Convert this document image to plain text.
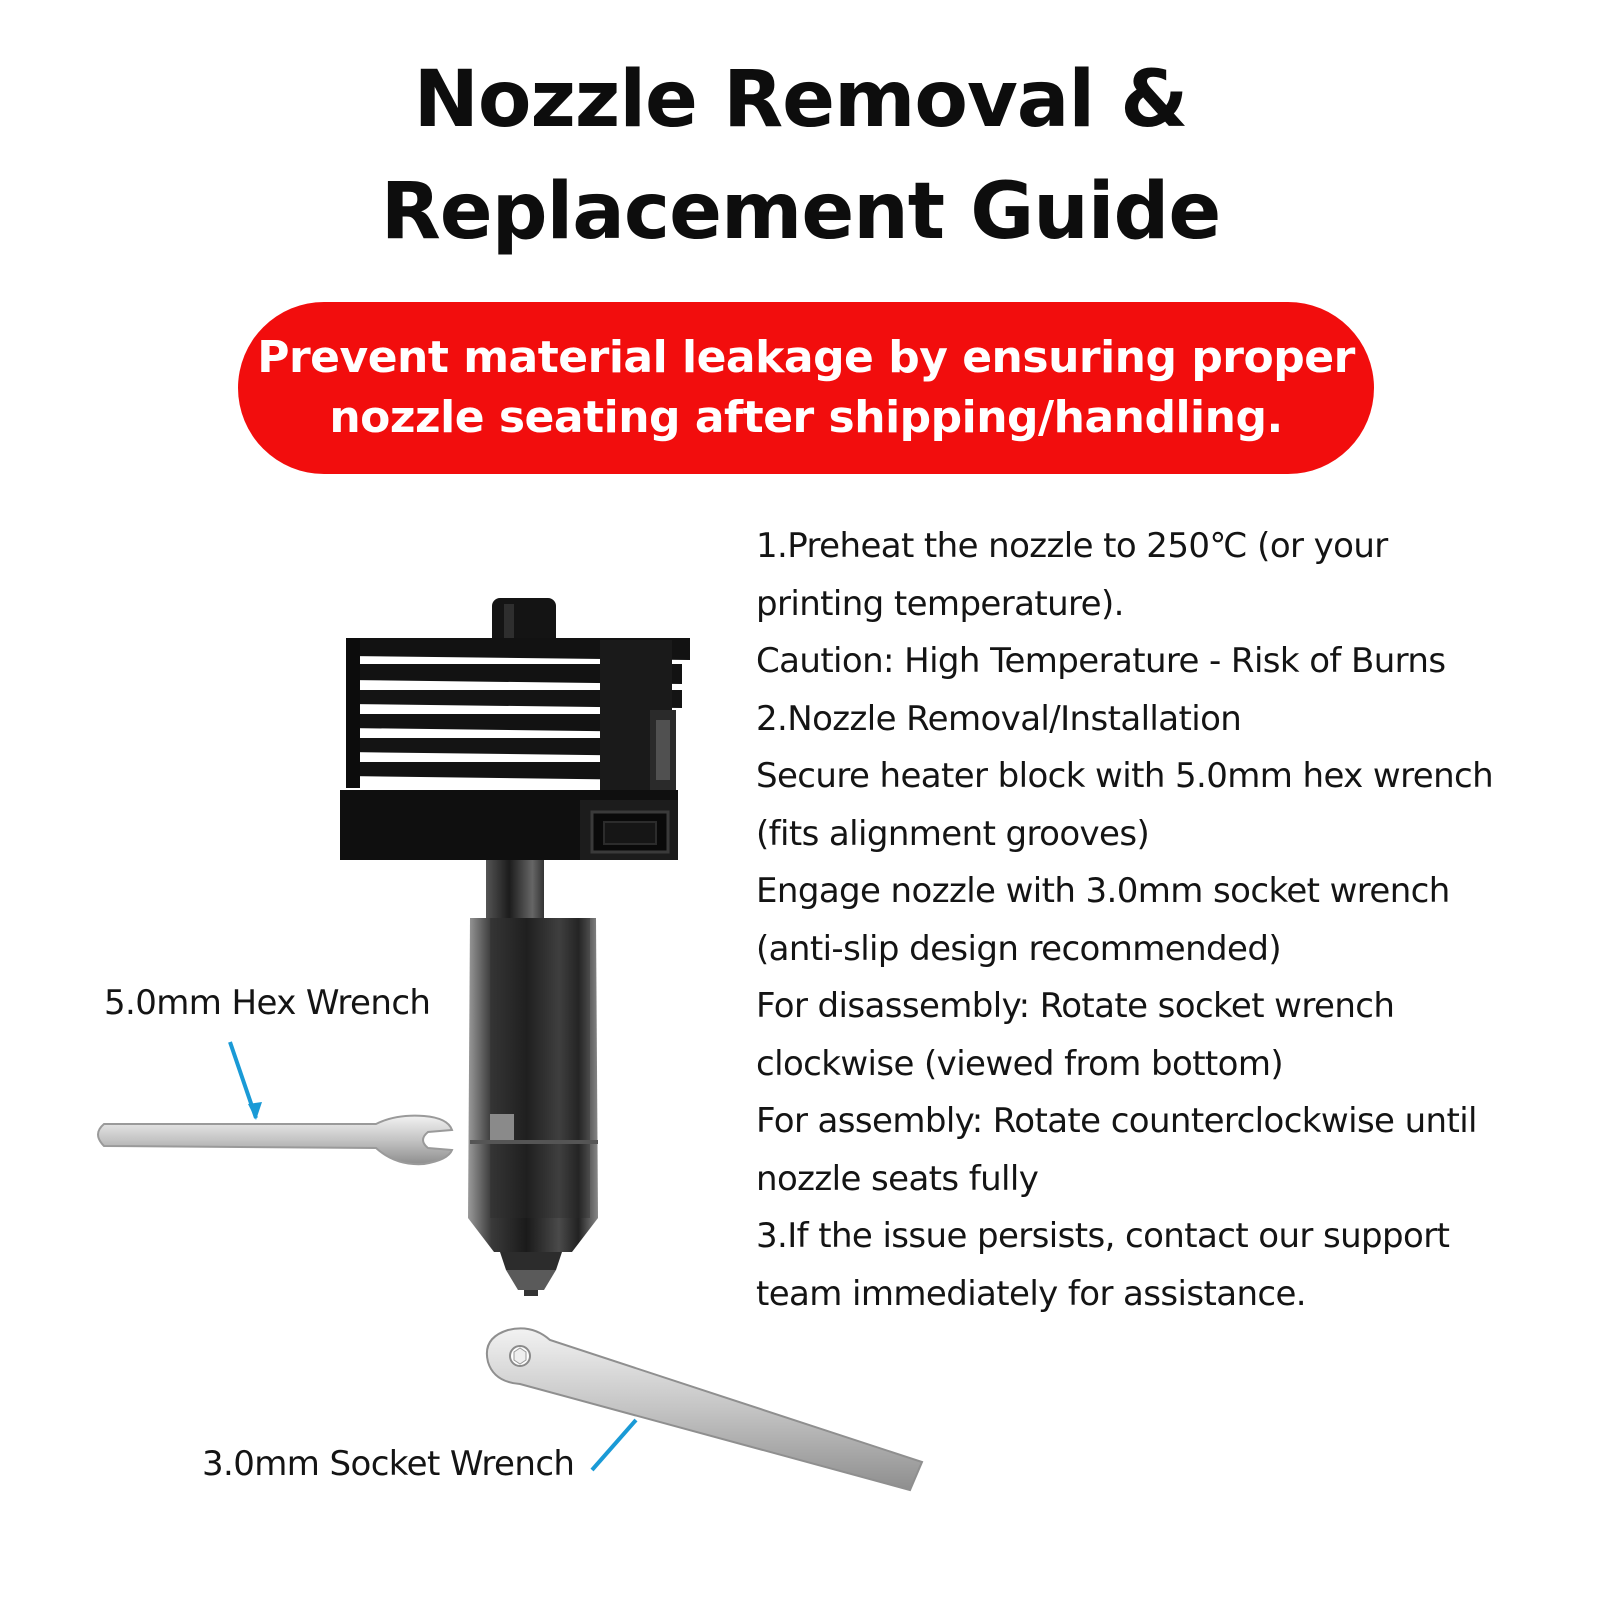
Nozzle Removal &
Replacement Guide
Prevent material leakage by ensuring proper
nozzle seating after shipping/handling.
5.0mm Hex Wrench
3.0mm Socket Wrench
1.Preheat the nozzle to 250℃ (or your
printing temperature).
Caution: High Temperature - Risk of Burns
2.Nozzle Removal/Installation
Secure heater block with 5.0mm hex wrench
(fits alignment grooves)
Engage nozzle with 3.0mm socket wrench
(anti-slip design recommended)
For disassembly: Rotate socket wrench
clockwise (viewed from bottom)
For assembly: Rotate counterclockwise until
nozzle seats fully
3.If the issue persists, contact our support
team immediately for assistance.
